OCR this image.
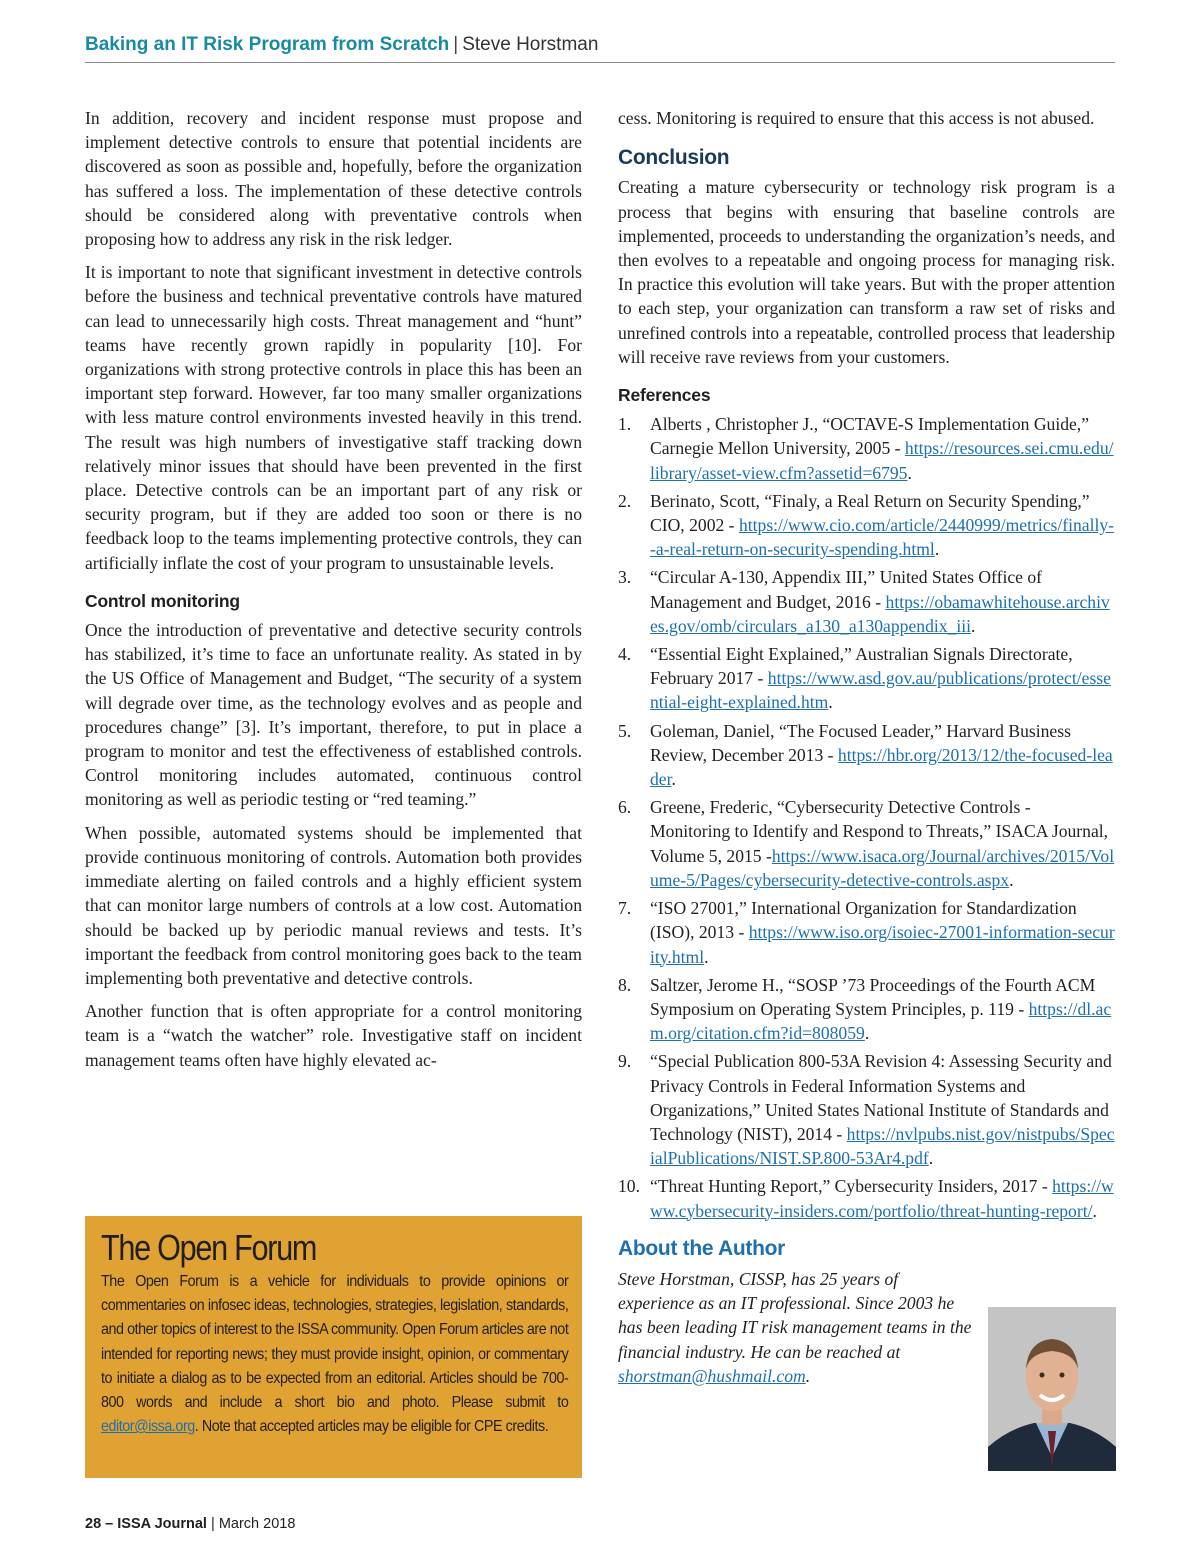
Baking an IT Risk Program from Scratch | Steve Horstman

In addition, recovery and incident response must propose and implement detective controls to ensure that potential incidents are discovered as soon as possible and, hopefully, before the organization has suffered a loss. The implementation of these detective controls should be considered along with preventative controls when proposing how to address any risk in the risk ledger.

It is important to note that significant investment in detective controls before the business and technical preventative controls have matured can lead to unnecessarily high costs. Threat management and “hunt” teams have recently grown rapidly in popularity [10]. For organizations with strong protective controls in place this has been an important step forward. However, far too many smaller organizations with less mature control environments invested heavily in this trend. The result was high numbers of investigative staff tracking down relatively minor issues that should have been prevented in the first place. Detective controls can be an important part of any risk or security program, but if they are added too soon or there is no feedback loop to the teams implementing protective controls, they can artificially inflate the cost of your program to unsustainable levels.

Control monitoring

Once the introduction of preventative and detective security controls has stabilized, it’s time to face an unfortunate reality. As stated in by the US Office of Management and Budget, “The security of a system will degrade over time, as the technology evolves and as people and procedures change” [3]. It’s important, therefore, to put in place a program to monitor and test the effectiveness of established controls. Control monitoring includes automated, continuous control monitoring as well as periodic testing or “red teaming.”

When possible, automated systems should be implemented that provide continuous monitoring of controls. Automation both provides immediate alerting on failed controls and a highly efficient system that can monitor large numbers of controls at a low cost. Automation should be backed up by periodic manual reviews and tests. It’s important the feedback from control monitoring goes back to the team implementing both preventative and detective controls.

Another function that is often appropriate for a control monitoring team is a “watch the watcher” role. Investigative staff on incident management teams often have highly elevated ac-

cess. Monitoring is required to ensure that this access is not abused.

Conclusion

Creating a mature cybersecurity or technology risk program is a process that begins with ensuring that baseline controls are implemented, proceeds to understanding the organization’s needs, and then evolves to a repeatable and ongoing process for managing risk. In practice this evolution will take years. But with the proper attention to each step, your organization can transform a raw set of risks and unrefined controls into a repeatable, controlled process that leadership will receive rave reviews from your customers.

References
1. Alberts , Christopher J., “OCTAVE-S Implementation Guide,” Carnegie Mellon University, 2005 - https://resources.sei.cmu.edu/library/asset-view.cfm?assetid=6795.
2. Berinato, Scott, “Finaly, a Real Return on Security Spending,” CIO, 2002 - https://www.cio.com/article/2440999/metrics/finally--a-real-return-on-security-spending.html.
3. “Circular A-130, Appendix III,” United States Office of Management and Budget, 2016 - https://obamawhitehouse.archives.gov/omb/circulars_a130_a130appendix_iii.
4. “Essential Eight Explained,” Australian Signals Directorate, February 2017 - https://www.asd.gov.au/publications/protect/essential-eight-explained.htm.
5. Goleman, Daniel, “The Focused Leader,” Harvard Business Review, December 2013 - https://hbr.org/2013/12/the-focused-leader.
6. Greene, Frederic, “Cybersecurity Detective Controls - Monitoring to Identify and Respond to Threats,” ISACA Journal, Volume 5, 2015 -https://www.isaca.org/Journal/archives/2015/Volume-5/Pages/cybersecurity-detective-controls.aspx.
7. “ISO 27001,” International Organization for Standardization (ISO), 2013 - https://www.iso.org/isoiec-27001-information-security.html.
8. Saltzer, Jerome H., “SOSP ’73 Proceedings of the Fourth ACM Symposium on Operating System Principles, p. 119 - https://dl.acm.org/citation.cfm?id=808059.
9. “Special Publication 800-53A Revision 4: Assessing Security and Privacy Controls in Federal Information Systems and Organizations,” United States National Institute of Standards and Technology (NIST), 2014 - https://nvlpubs.nist.gov/nistpubs/SpecialPublications/NIST.SP.800-53Ar4.pdf.
10. “Threat Hunting Report,” Cybersecurity Insiders, 2017 - https://www.cybersecurity-insiders.com/portfolio/threat-hunting-report/.
About the Author
Steve Horstman, CISSP, has 25 years of experience as an IT professional. Since 2003 he has been leading IT risk management teams in the financial industry. He can be reached at shorstman@hushmail.com.
The Open Forum
The Open Forum is a vehicle for individuals to provide opinions or commentaries on infosec ideas, technologies, strategies, legislation, standards, and other topics of interest to the ISSA community. Open Forum articles are not intended for reporting news; they must provide insight, opinion, or commentary to initiate a dialog as to be expected from an editorial. Articles should be 700-800 words and include a short bio and photo. Please submit to editor@issa.org. Note that accepted articles may be eligible for CPE credits.
28 – ISSA Journal | March 2018
